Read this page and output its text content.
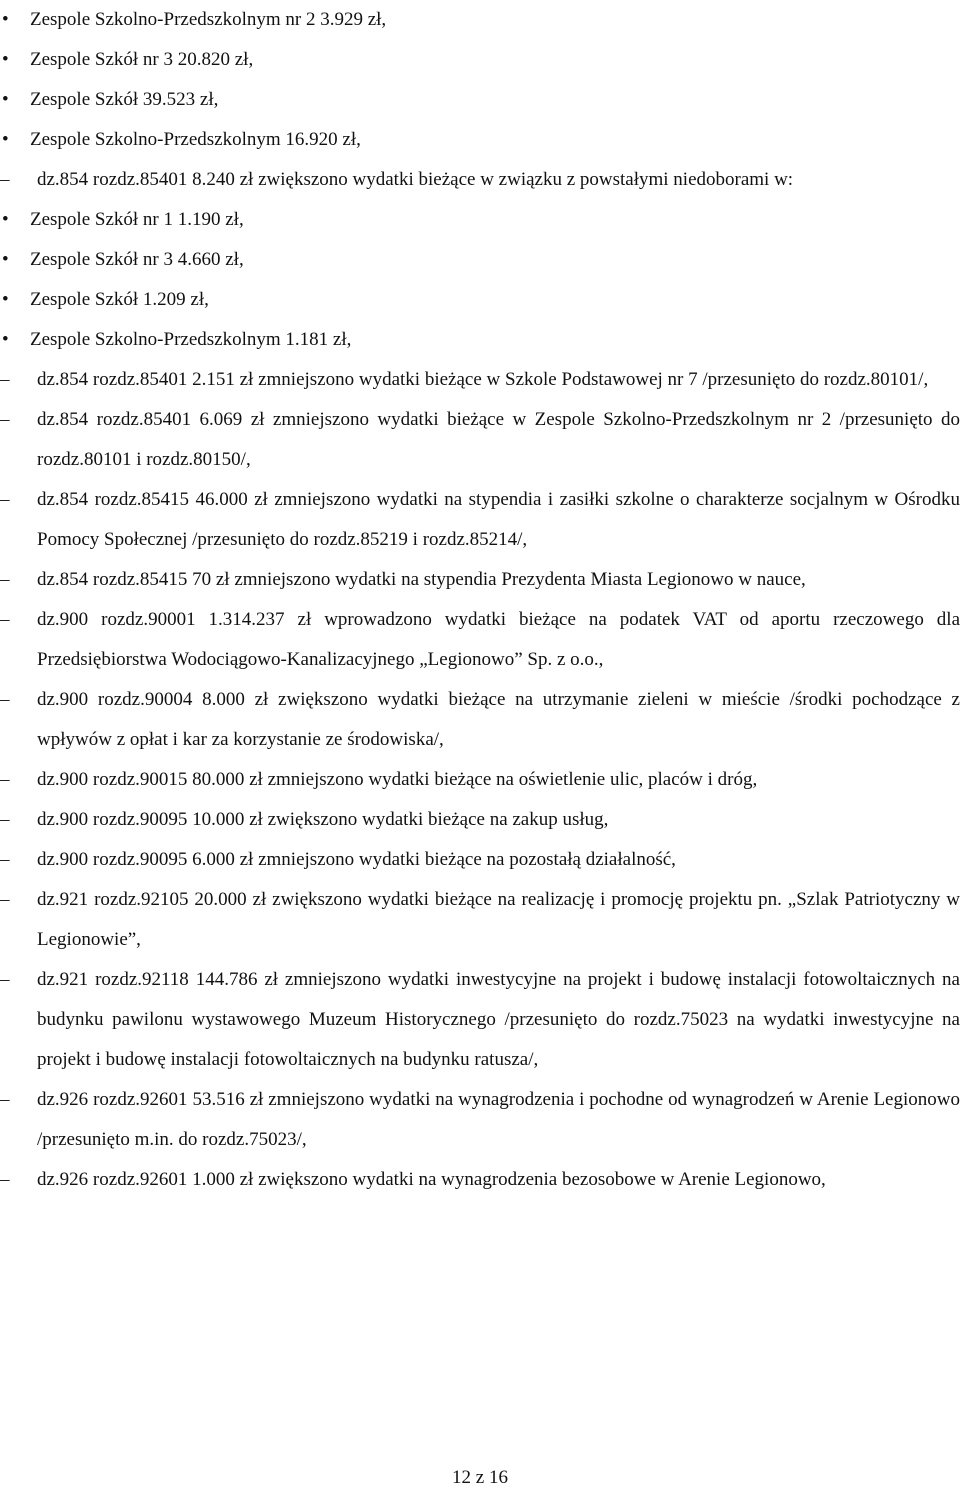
• Zespole Szkolno-Przedszkolnym nr 2 3.929 zł,
• Zespole Szkół nr 3 20.820 zł,
• Zespole Szkół 39.523 zł,
• Zespole Szkolno-Przedszkolnym 16.920 zł,
– dz.854 rozdz.85401 8.240 zł zwiększono wydatki bieżące w związku z powstałymi niedoborami w:
• Zespole Szkół nr 1 1.190 zł,
• Zespole Szkół nr 3 4.660 zł,
• Zespole Szkół 1.209 zł,
• Zespole Szkolno-Przedszkolnym 1.181 zł,
– dz.854 rozdz.85401 2.151 zł zmniejszono wydatki bieżące w Szkole Podstawowej nr 7 /przesunięto do rozdz.80101/,
– dz.854 rozdz.85401 6.069 zł zmniejszono wydatki bieżące w Zespole Szkolno-Przedszkolnym nr 2 /przesunięto do rozdz.80101 i rozdz.80150/,
– dz.854 rozdz.85415 46.000 zł zmniejszono wydatki na stypendia i zasiłki szkolne o charakterze socjalnym w Ośrodku Pomocy Społecznej /przesunięto do rozdz.85219 i rozdz.85214/,
– dz.854 rozdz.85415 70 zł zmniejszono wydatki na stypendia Prezydenta Miasta Legionowo w nauce,
– dz.900 rozdz.90001 1.314.237 zł wprowadzono wydatki bieżące na podatek VAT od aportu rzeczowego dla Przedsiębiorstwa Wodociągowo-Kanalizacyjnego „Legionowo” Sp. z o.o.,
– dz.900 rozdz.90004 8.000 zł zwiększono wydatki bieżące na utrzymanie zieleni w mieście /środki pochodzące z wpływów z opłat i kar za korzystanie ze środowiska/,
– dz.900 rozdz.90015 80.000 zł zmniejszono wydatki bieżące na oświetlenie ulic, placów i dróg,
– dz.900 rozdz.90095 10.000 zł zwiększono wydatki bieżące na zakup usług,
– dz.900 rozdz.90095 6.000 zł zmniejszono wydatki bieżące na pozostałą działalność,
– dz.921 rozdz.92105 20.000 zł zwiększono wydatki bieżące na realizację i promocję projektu pn. „Szlak Patriotyczny w Legionowie”,
– dz.921 rozdz.92118 144.786 zł zmniejszono wydatki inwestycyjne na projekt i budowę instalacji fotowoltaicznych na budynku pawilonu wystawowego Muzeum Historycznego /przesunięto do rozdz.75023 na wydatki inwestycyjne na projekt i budowę instalacji fotowoltaicznych na budynku ratusza/,
– dz.926 rozdz.92601 53.516 zł zmniejszono wydatki na wynagrodzenia i pochodne od wynagrodzeń w Arenie Legionowo /przesunięto m.in. do rozdz.75023/,
– dz.926 rozdz.92601 1.000 zł zwiększono wydatki na wynagrodzenia bezosobowe w Arenie Legionowo,
12 z 16
